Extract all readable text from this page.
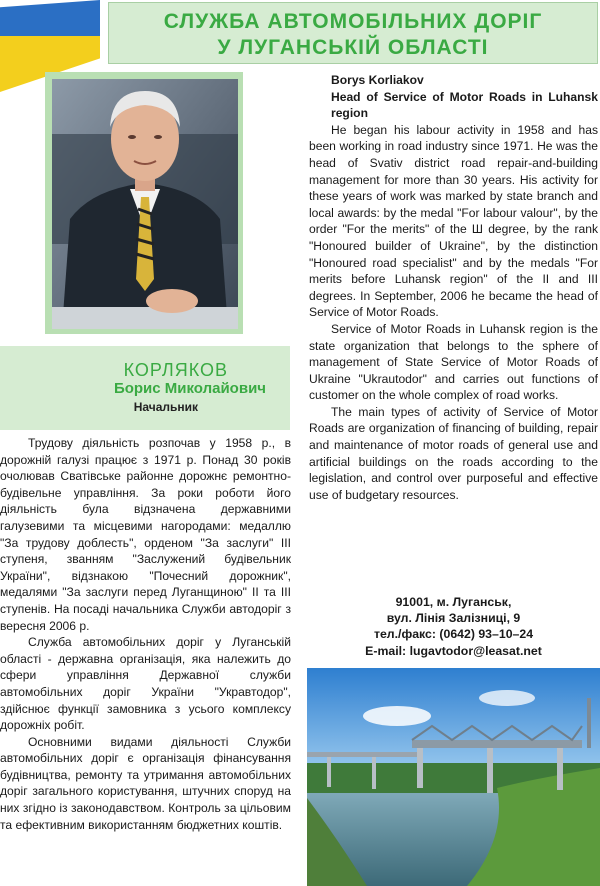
СЛУЖБА АВТОМОБІЛЬНИХ ДОРІГ
У ЛУГАНСЬКІЙ ОБЛАСТІ
КОРЛЯКОВ
Борис Миколайович
Начальник

Трудову діяльність розпочав у 1958 р., в дорожній галузі працює з 1971 р. Понад 30 років очолював Сватівське районне дорожнє ремонтно-будівельне управління. За роки роботи його діяльність була відзначена державними галузевими та місцевими нагородами: медаллю "За трудову доблесть", орденом "За заслуги" III ступеня, званням "Заслужений будівельник України", відзнакою "Почесний дорожник", медалями "За заслуги перед Луганщиною" II та III ступенів. На посаді начальника Служби автодоріг з вересня 2006 р.

Служба автомобільних доріг у Луганській області - державна організація, яка належить до сфери управління Державної служби автомобільних доріг України "Укравтодор", здійснює функції замовника з усього комплексу дорожніх робіт.

Основними видами діяльності Служби автомобільних доріг є організація фінансування будівництва, ремонту та утримання автомобільних доріг загального користування, штучних споруд на них згідно із законодавством. Контроль за цільовим та ефективним використанням бюджетних коштів.

Borys Korliakov
Head of Service of Motor Roads in Luhansk region

He began his labour activity in 1958 and has been working in road industry since 1971. He was the head of Svativ district road repair-and-building management for more than 30 years. His activity for these years of work was marked by state branch and local awards: by the medal "For labour valour", by the order "For the merits" of the Ш degree, by the rank "Honoured builder of Ukraine", by the distinction "Honoured road specialist" and by the medals "For merits before Luhansk region" of the II and III degrees. In September, 2006 he became the head of Service of Motor Roads.

Service of Motor Roads in Luhansk region is the state organization that belongs to the sphere of management of State Service of Motor Roads of Ukraine "Ukrautodor" and carries out functions of customer on the whole complex of road works.

The main types of activity of Service of Motor Roads are organization of financing of building, repair and maintenance of motor roads of general use and artificial buildings on the roads according to the legislation, and control over purposeful and effective use of budgetary resources.

91001, м. Луганськ,
вул. Лінія Залізниці, 9
тел./факс: (0642) 93–10–24
E-mail: lugavtodor@leasat.net
